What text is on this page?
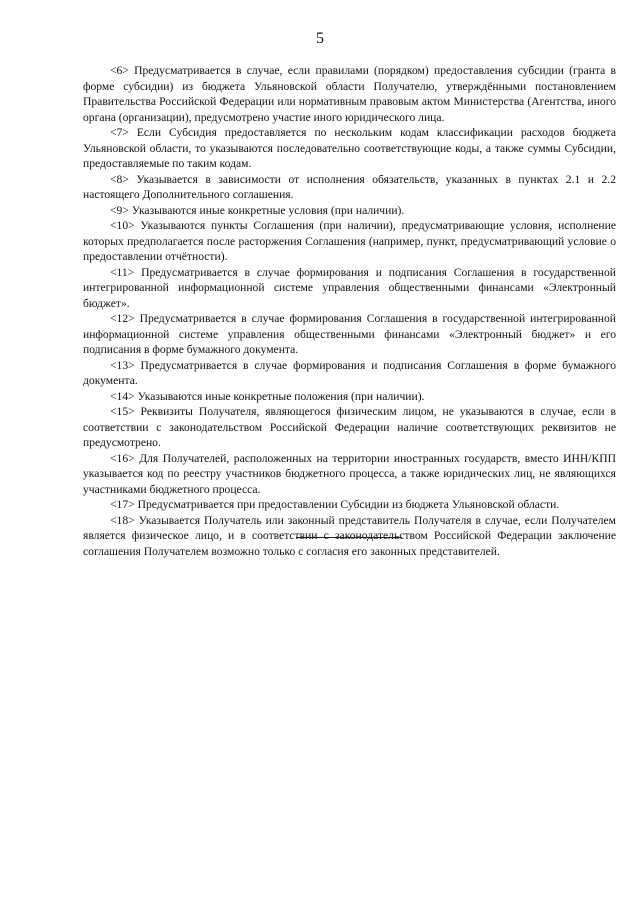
5

<6> Предусматривается в случае, если правилами (порядком) предоставления субсидии (гранта в форме субсидии) из бюджета Ульяновской области Получателю, утверждёнными постановлением Правительства Российской Федерации или нормативным правовым актом Министерства (Агентства, иного органа (организации), предусмотрено участие иного юридического лица.

<7> Если Субсидия предоставляется по нескольким кодам классификации расходов бюджета Ульяновской области, то указываются последовательно соответствующие коды, а также суммы Субсидии, предоставляемые по таким кодам.

<8> Указывается в зависимости от исполнения обязательств, указанных в пунктах 2.1 и 2.2 настоящего Дополнительного соглашения.

<9> Указываются иные конкретные условия (при наличии).

<10> Указываются пункты Соглашения (при наличии), предусматривающие условия, исполнение которых предполагается после расторжения Соглашения (например, пункт, предусматривающий условие о предоставлении отчётности).

<11> Предусматривается в случае формирования и подписания Соглашения в государственной интегрированной информационной системе управления общественными финансами «Электронный бюджет».

<12> Предусматривается в случае формирования Соглашения в государственной интегрированной информационной системе управления общественными финансами «Электронный бюджет» и его подписания в форме бумажного документа.

<13> Предусматривается в случае формирования и подписания Соглашения в форме бумажного документа.

<14> Указываются иные конкретные положения (при наличии).

<15> Реквизиты Получателя, являющегося физическим лицом, не указываются в случае, если в соответствии с законодательством Российской Федерации наличие соответствующих реквизитов не предусмотрено.

<16> Для Получателей, расположенных на территории иностранных государств, вместо ИНН/КПП указывается код по реестру участников бюджетного процесса, а также юридических лиц, не являющихся участниками бюджетного процесса.

<17> Предусматривается при предоставлении Субсидии из бюджета Ульяновской области.

<18> Указывается Получатель или законный представитель Получателя в случае, если Получателем является физическое лицо, и в соответствии с законодательством Российской Федерации заключение соглашения Получателем возможно только с согласия его законных представителей.
